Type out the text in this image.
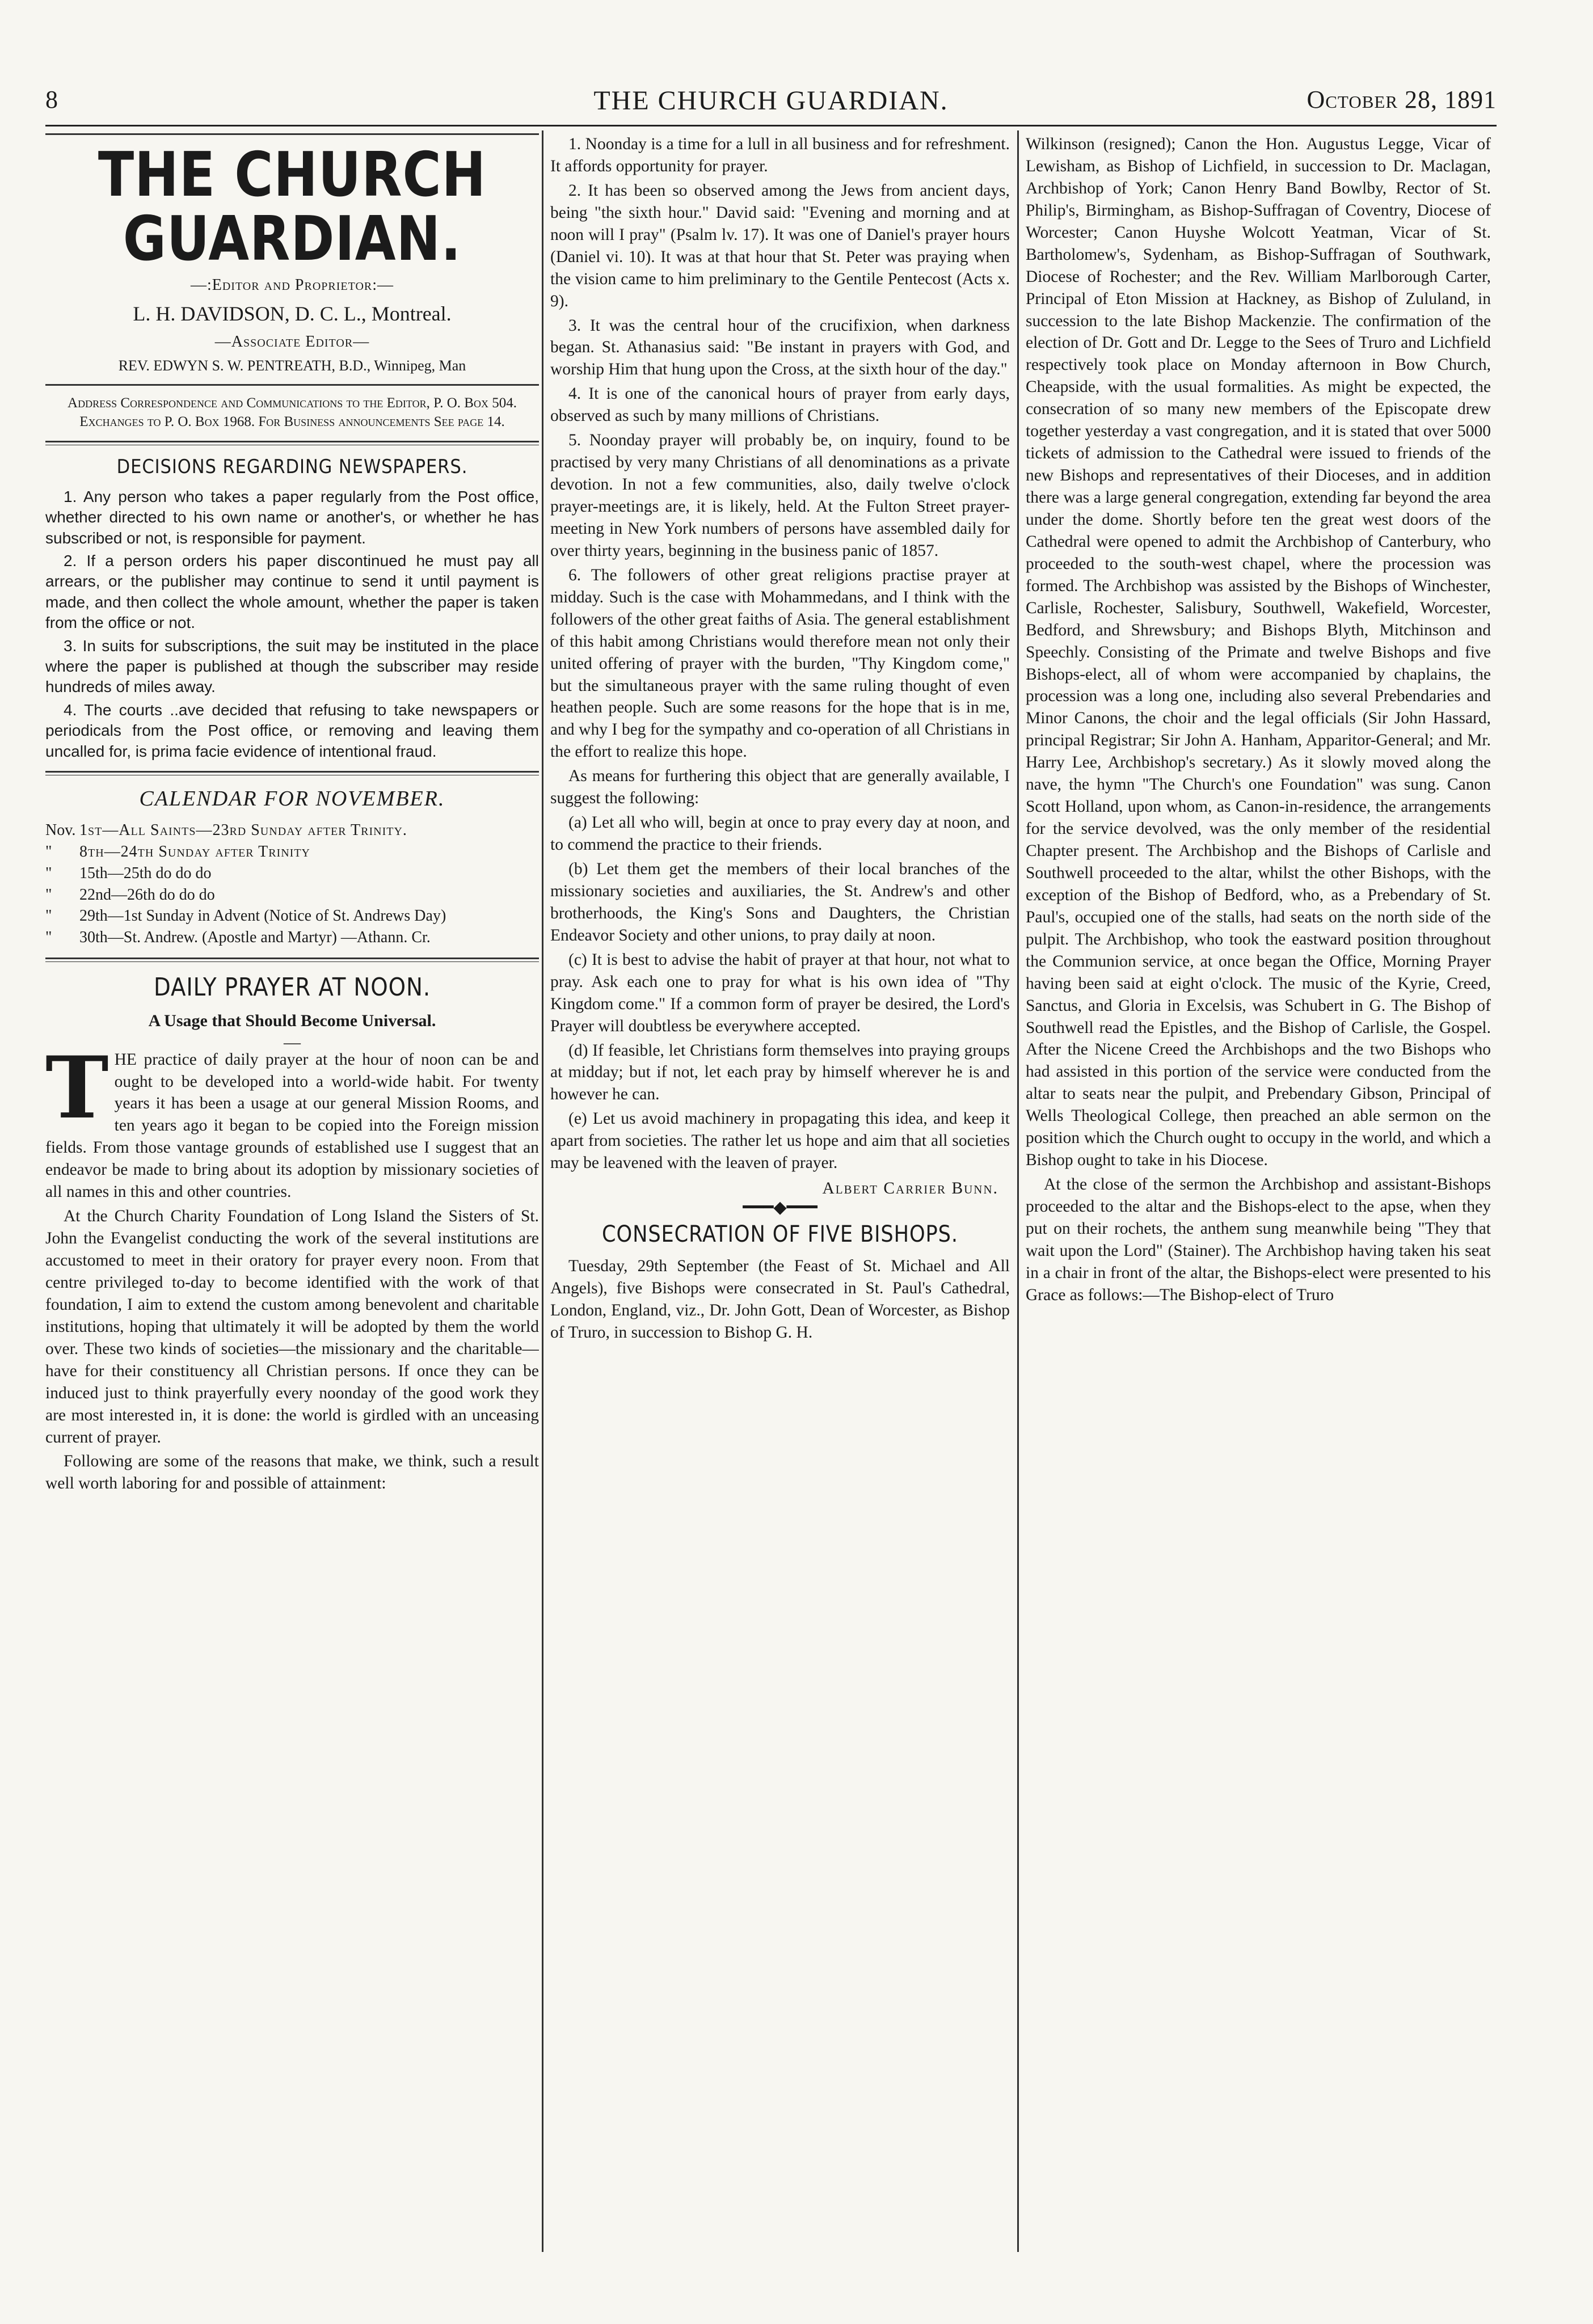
8	THE CHURCH GUARDIAN.	October 28, 1891
THE CHURCH GUARDIAN.
—:Editor and Proprietor:—
L. H. DAVIDSON, D. C. L., Montreal.
—Associate Editor—
REV. EDWYN S. W. PENTREATH, B.D., Winnipeg, Man
Address Correspondence and Communications to the Editor, P. O. Box 504. Exchanges to P. O. Box 1968. For Business announcements See page 14.
DECISIONS REGARDING NEWSPAPERS.

1. Any person who takes a paper regularly from the Post office, whether directed to his own name or another's, or whether he has subscribed or not, is responsible for payment.

2. If a person orders his paper discontinued he must pay all arrears, or the publisher may continue to send it until payment is made, and then collect the whole amount, whether the paper is taken from the office or not.

3. In suits for subscriptions, the suit may be instituted in the place where the paper is published at though the subscriber may reside hundreds of miles away.

4. The courts ..ave decided that refusing to take newspapers or periodicals from the Post office, or removing and leaving them uncalled for, is prima facie evidence of intentional fraud.

CALENDAR FOR NOVEMBER.
Nov. 1st—All Saints—23rd Sunday after Trinity.
"	8th—24th Sunday after Trinity
"	15th—25th do do do
"	22nd—26th do do do
"	29th—1st Sunday in Advent (Notice of St. Andrews Day)
"	30th—St. Andrew. (Apostle and Martyr) —Athann. Cr.
DAILY PRAYER AT NOON.
A Usage that Should Become Universal.
—

THE practice of daily prayer at the hour of noon can be and ought to be developed into a world-wide habit. For twenty years it has been a usage at our general Mission Rooms, and ten years ago it began to be copied into the Foreign mission fields. From those vantage grounds of established use I suggest that an endeavor be made to bring about its adoption by missionary societies of all names in this and other countries.

At the Church Charity Foundation of Long Island the Sisters of St. John the Evangelist conducting the work of the several institutions are accustomed to meet in their oratory for prayer every noon. From that centre privileged to-day to become identified with the work of that foundation, I aim to extend the custom among benevolent and charitable institutions, hoping that ultimately it will be adopted by them the world over. These two kinds of societies—the missionary and the charitable—have for their constituency all Christian persons. If once they can be induced just to think prayerfully every noonday of the good work they are most interested in, it is done: the world is girdled with an unceasing current of prayer.

Following are some of the reasons that make, we think, such a result well worth laboring for and possible of attainment:

1. Noonday is a time for a lull in all business and for refreshment. It affords opportunity for prayer.

2. It has been so observed among the Jews from ancient days, being "the sixth hour." David said: "Evening and morning and at noon will I pray" (Psalm lv. 17). It was one of Daniel's prayer hours (Daniel vi. 10). It was at that hour that St. Peter was praying when the vision came to him preliminary to the Gentile Pentecost (Acts x. 9).

3. It was the central hour of the crucifixion, when darkness began. St. Athanasius said: "Be instant in prayers with God, and worship Him that hung upon the Cross, at the sixth hour of the day."

4. It is one of the canonical hours of prayer from early days, observed as such by many millions of Christians.

5. Noonday prayer will probably be, on inquiry, found to be practised by very many Christians of all denominations as a private devotion. In not a few communities, also, daily twelve o'clock prayer-meetings are, it is likely, held. At the Fulton Street prayer-meeting in New York numbers of persons have assembled daily for over thirty years, beginning in the business panic of 1857.

6. The followers of other great religions practise prayer at midday. Such is the case with Mohammedans, and I think with the followers of the other great faiths of Asia. The general establishment of this habit among Christians would therefore mean not only their united offering of prayer with the burden, "Thy Kingdom come," but the simultaneous prayer with the same ruling thought of even heathen people. Such are some reasons for the hope that is in me, and why I beg for the sympathy and co-operation of all Christians in the effort to realize this hope.

As means for furthering this object that are generally available, I suggest the following:

(a) Let all who will, begin at once to pray every day at noon, and to commend the practice to their friends.

(b) Let them get the members of their local branches of the missionary societies and auxiliaries, the St. Andrew's and other brotherhoods, the King's Sons and Daughters, the Christian Endeavor Society and other unions, to pray daily at noon.

(c) It is best to advise the habit of prayer at that hour, not what to pray. Ask each one to pray for what is his own idea of "Thy Kingdom come." If a common form of prayer be desired, the Lord's Prayer will doubtless be everywhere accepted.

(d) If feasible, let Christians form themselves into praying groups at midday; but if not, let each pray by himself wherever he is and however he can.

(e) Let us avoid machinery in propagating this idea, and keep it apart from societies. The rather let us hope and aim that all societies may be leavened with the leaven of prayer.

Albert Carrier Bunn.
━━━◆━━━
CONSECRATION OF FIVE BISHOPS.

Tuesday, 29th September (the Feast of St. Michael and All Angels), five Bishops were consecrated in St. Paul's Cathedral, London, England, viz., Dr. John Gott, Dean of Worcester, as Bishop of Truro, in succession to Bishop G. H.

Wilkinson (resigned); Canon the Hon. Augustus Legge, Vicar of Lewisham, as Bishop of Lichfield, in succession to Dr. Maclagan, Archbishop of York; Canon Henry Band Bowlby, Rector of St. Philip's, Birmingham, as Bishop-Suffragan of Coventry, Diocese of Worcester; Canon Huyshe Wolcott Yeatman, Vicar of St. Bartholomew's, Sydenham, as Bishop-Suffragan of Southwark, Diocese of Rochester; and the Rev. William Marlborough Carter, Principal of Eton Mission at Hackney, as Bishop of Zululand, in succession to the late Bishop Mackenzie. The confirmation of the election of Dr. Gott and Dr. Legge to the Sees of Truro and Lichfield respectively took place on Monday afternoon in Bow Church, Cheapside, with the usual formalities. As might be expected, the consecration of so many new members of the Episcopate drew together yesterday a vast congregation, and it is stated that over 5000 tickets of admission to the Cathedral were issued to friends of the new Bishops and representatives of their Dioceses, and in addition there was a large general congregation, extending far beyond the area under the dome. Shortly before ten the great west doors of the Cathedral were opened to admit the Archbishop of Canterbury, who proceeded to the south-west chapel, where the procession was formed. The Archbishop was assisted by the Bishops of Winchester, Carlisle, Rochester, Salisbury, Southwell, Wakefield, Worcester, Bedford, and Shrewsbury; and Bishops Blyth, Mitchinson and Speechly. Consisting of the Primate and twelve Bishops and five Bishops-elect, all of whom were accompanied by chaplains, the procession was a long one, including also several Prebendaries and Minor Canons, the choir and the legal officials (Sir John Hassard, principal Registrar; Sir John A. Hanham, Apparitor-General; and Mr. Harry Lee, Archbishop's secretary.) As it slowly moved along the nave, the hymn "The Church's one Foundation" was sung. Canon Scott Holland, upon whom, as Canon-in-residence, the arrangements for the service devolved, was the only member of the residential Chapter present. The Archbishop and the Bishops of Carlisle and Southwell proceeded to the altar, whilst the other Bishops, with the exception of the Bishop of Bedford, who, as a Prebendary of St. Paul's, occupied one of the stalls, had seats on the north side of the pulpit. The Archbishop, who took the eastward position throughout the Communion service, at once began the Office, Morning Prayer having been said at eight o'clock. The music of the Kyrie, Creed, Sanctus, and Gloria in Excelsis, was Schubert in G. The Bishop of Southwell read the Epistles, and the Bishop of Carlisle, the Gospel. After the Nicene Creed the Archbishops and the two Bishops who had assisted in this portion of the service were conducted from the altar to seats near the pulpit, and Prebendary Gibson, Principal of Wells Theological College, then preached an able sermon on the position which the Church ought to occupy in the world, and which a Bishop ought to take in his Diocese.

At the close of the sermon the Archbishop and assistant-Bishops proceeded to the altar and the Bishops-elect to the apse, when they put on their rochets, the anthem sung meanwhile being "They that wait upon the Lord" (Stainer). The Archbishop having taken his seat in a chair in front of the altar, the Bishops-elect were presented to his Grace as follows:—The Bishop-elect of Truro
